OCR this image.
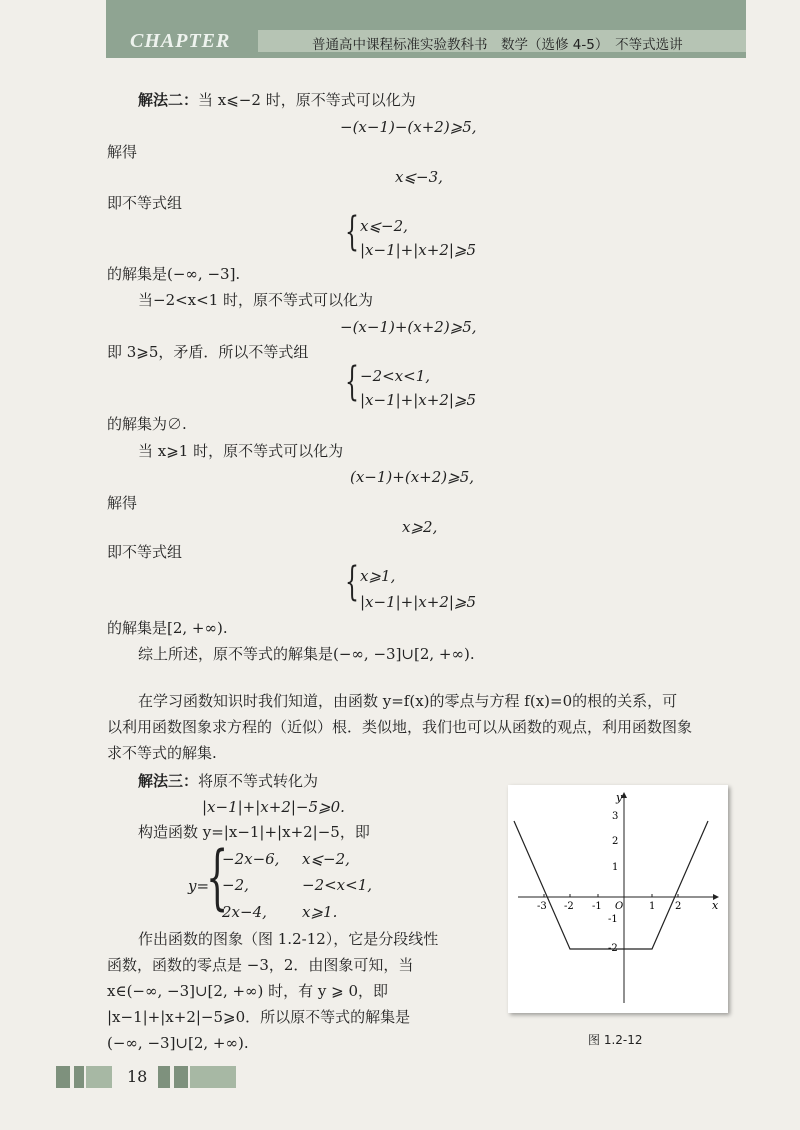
CHAPTER	普通高中课程标准实验教科书　数学（选修 4-5）　不等式选讲
解法二：当 x⩽−2 时，原不等式可以化为
−(x−1)−(x+2)⩾5,
解得
x⩽−3,
即不等式组
{ x⩽−2,
|x−1|+|x+2|⩾5
的解集是(−∞, −3].
当−2<x<1 时，原不等式可以化为
−(x−1)+(x+2)⩾5,
即 3⩾5，矛盾．所以不等式组
{ −2<x<1,
|x−1|+|x+2|⩾5
的解集为∅.
当 x⩾1 时，原不等式可以化为
(x−1)+(x+2)⩾5,
解得
x⩾2,
即不等式组
{ x⩾1,
|x−1|+|x+2|⩾5
的解集是[2, +∞).
综上所述，原不等式的解集是(−∞, −3]∪[2, +∞).
在学习函数知识时我们知道，由函数 y=f(x)的零点与方程 f(x)=0的根的关系，可
以利用函数图象求方程的（近似）根．类似地，我们也可以从函数的观点，利用函数图象
求不等式的解集.
解法三：将原不等式转化为
|x−1|+|x+2|−5⩾0.
构造函数 y=|x−1|+|x+2|−5，即
y=
{
−2x−6, x⩽−2,
−2,	−2<x<1,
2x−4, x⩾1.
作出函数的图象（图 1.2-12），它是分段线性
函数，函数的零点是 −3，2．由图象可知，当
x∈(−∞, −3]∪[2, +∞) 时，有 y ⩾ 0，即
|x−1|+|x+2|−5⩾0．所以原不等式的解集是
(−∞, −3]∪[2, +∞).
x
y
O
-3 -2 -1	1 2
3
2
1
-1
-2
图 1.2-12
18
